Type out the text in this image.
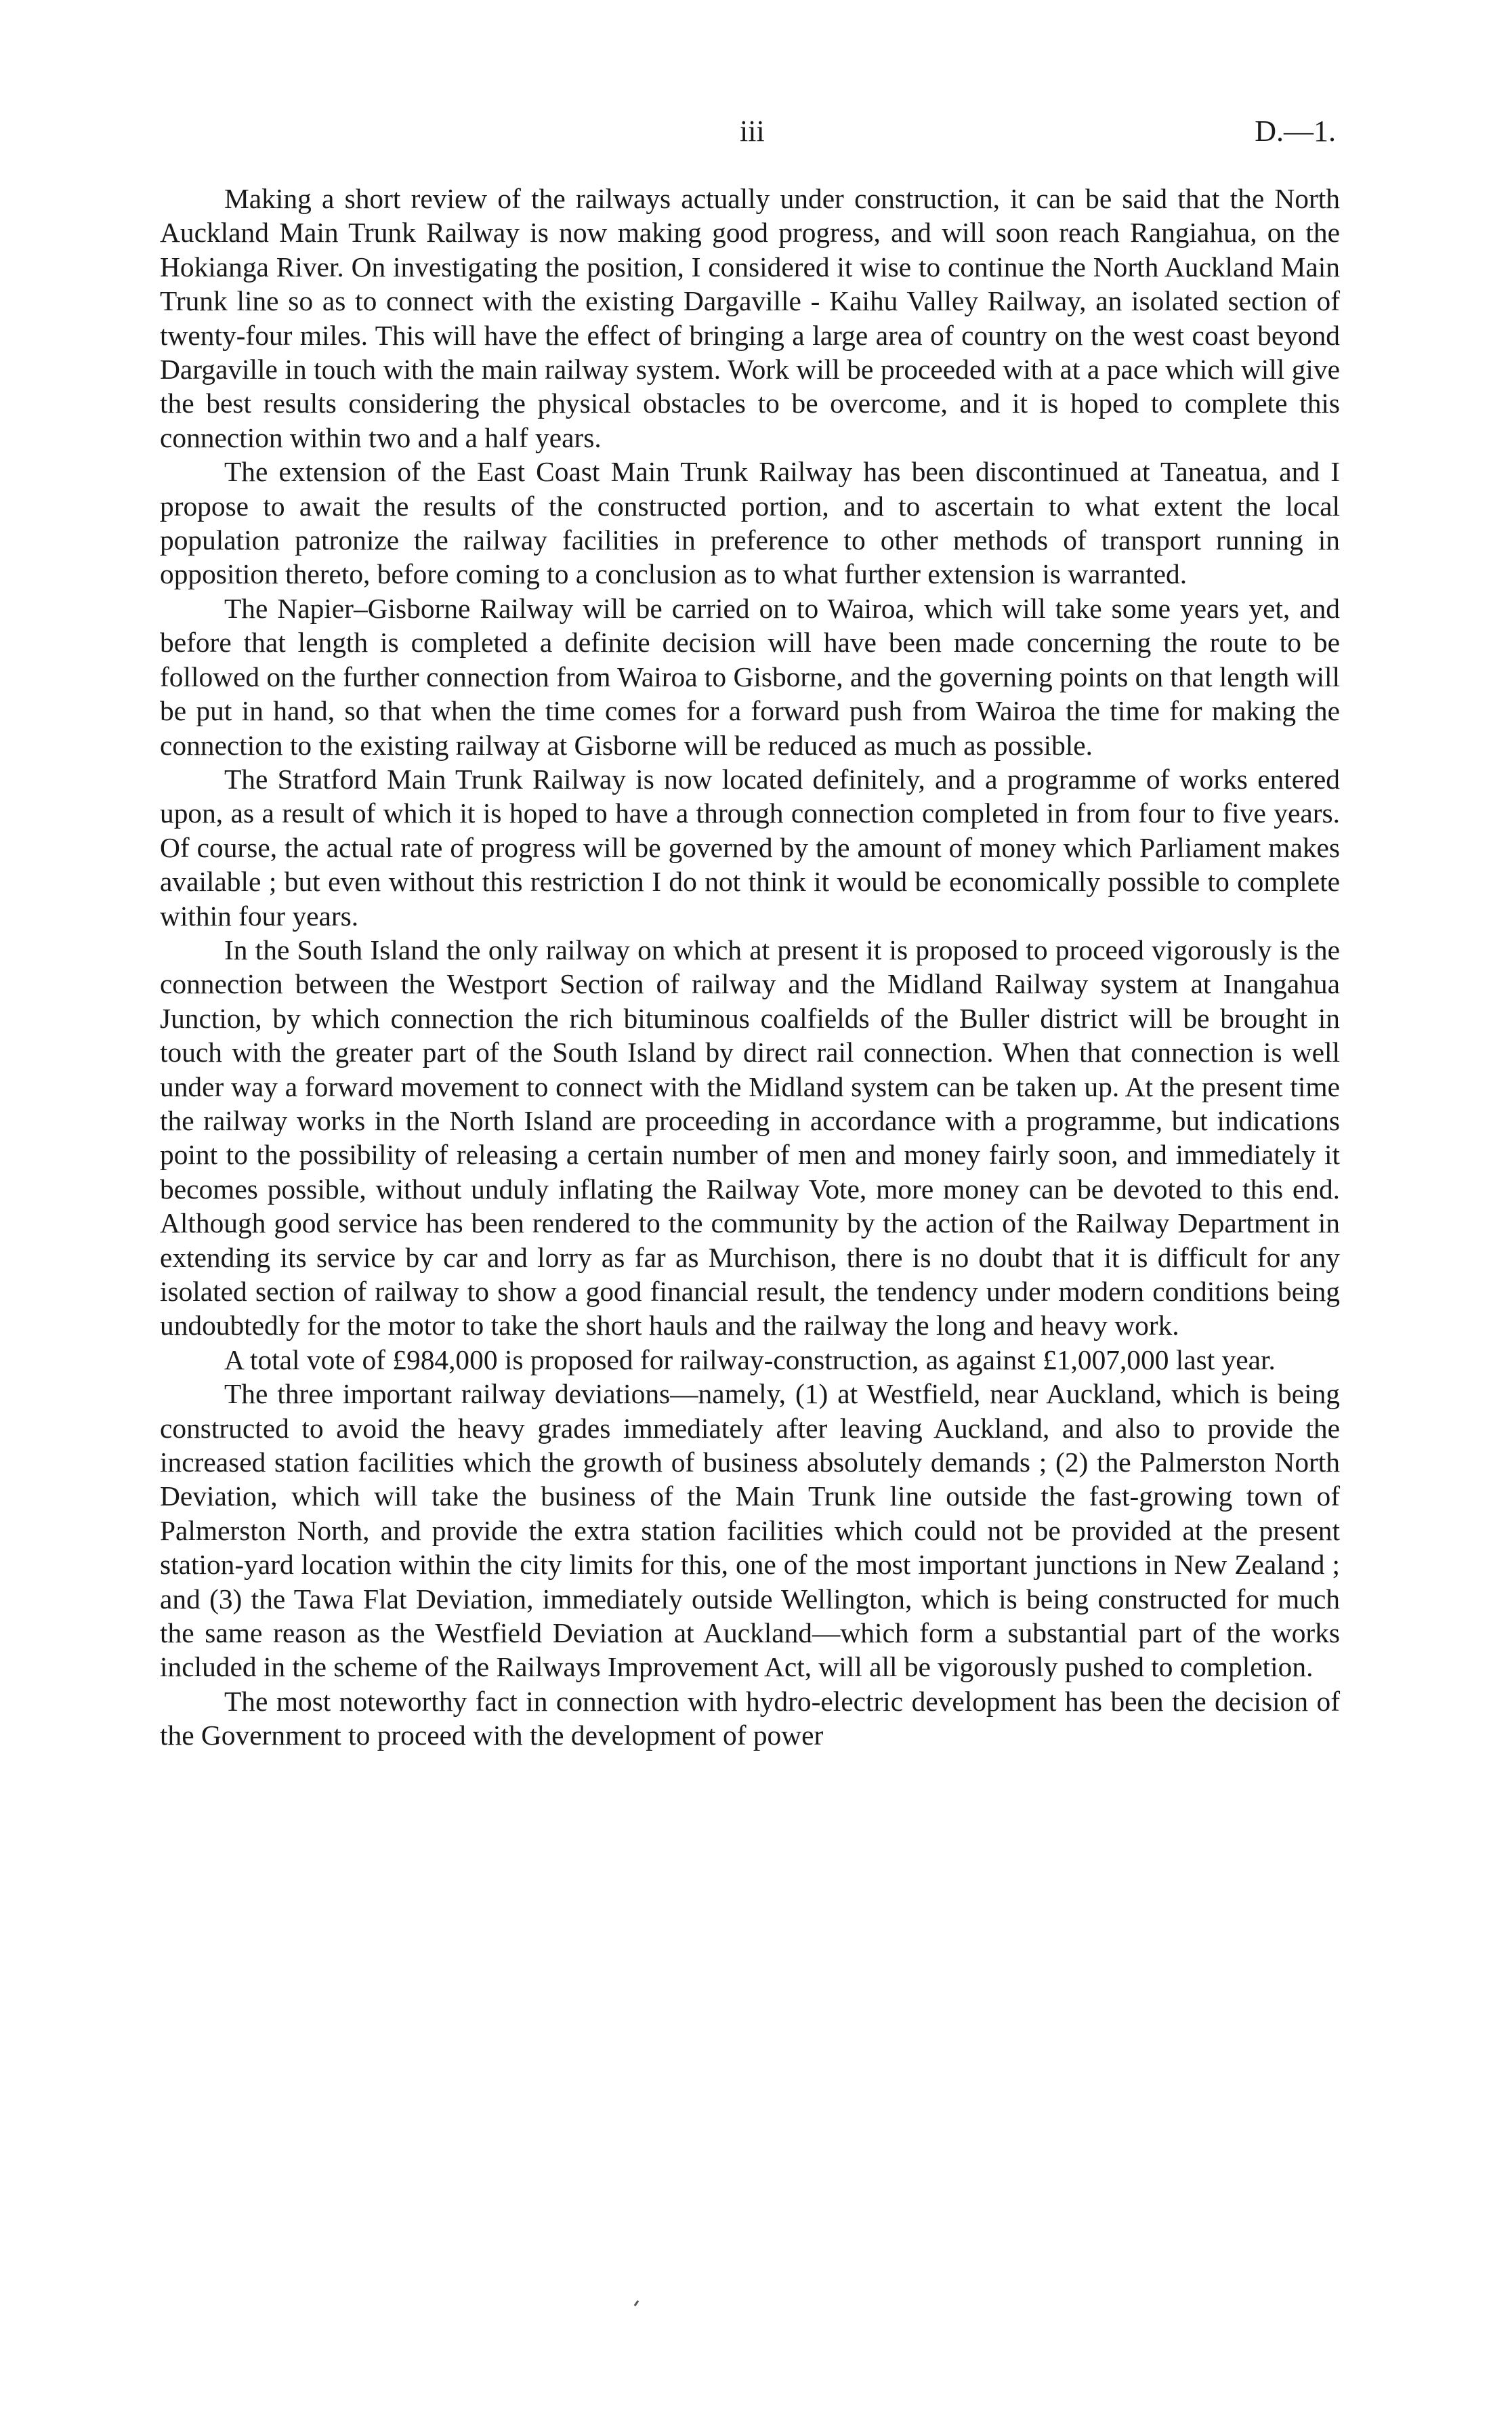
iii	D.—1.

Making a short review of the railways actually under construction, it can be said that the North Auckland Main Trunk Railway is now making good progress, and will soon reach Rangiahua, on the Hokianga River. On investigating the position, I considered it wise to continue the North Auckland Main Trunk line so as to connect with the existing Dargaville - Kaihu Valley Railway, an isolated section of twenty-four miles. This will have the effect of bringing a large area of country on the west coast beyond Dargaville in touch with the main railway system. Work will be proceeded with at a pace which will give the best results considering the physical obstacles to be overcome, and it is hoped to complete this connection within two and a half years.

The extension of the East Coast Main Trunk Railway has been discontinued at Taneatua, and I propose to await the results of the constructed portion, and to ascertain to what extent the local population patronize the railway facilities in preference to other methods of transport running in opposition thereto, before coming to a conclusion as to what further extension is warranted.

The Napier–Gisborne Railway will be carried on to Wairoa, which will take some years yet, and before that length is completed a definite decision will have been made concerning the route to be followed on the further connection from Wairoa to Gisborne, and the governing points on that length will be put in hand, so that when the time comes for a forward push from Wairoa the time for making the connection to the existing railway at Gisborne will be reduced as much as possible.

The Stratford Main Trunk Railway is now located definitely, and a programme of works entered upon, as a result of which it is hoped to have a through connection completed in from four to five years. Of course, the actual rate of progress will be governed by the amount of money which Parliament makes available ; but even without this restriction I do not think it would be economically possible to complete within four years.

In the South Island the only railway on which at present it is proposed to proceed vigorously is the connection between the Westport Section of railway and the Midland Railway system at Inangahua Junction, by which connection the rich bituminous coalfields of the Buller district will be brought in touch with the greater part of the South Island by direct rail connection. When that connection is well under way a forward movement to connect with the Midland system can be taken up. At the present time the railway works in the North Island are proceeding in accordance with a programme, but indications point to the possibility of releasing a certain number of men and money fairly soon, and immediately it becomes possible, without unduly inflating the Railway Vote, more money can be devoted to this end. Although good service has been rendered to the community by the action of the Railway Department in extending its service by car and lorry as far as Murchison, there is no doubt that it is difficult for any isolated section of railway to show a good financial result, the tendency under modern conditions being undoubtedly for the motor to take the short hauls and the railway the long and heavy work.

A total vote of £984,000 is proposed for railway-construction, as against £1,007,000 last year.

The three important railway deviations—namely, (1) at Westfield, near Auckland, which is being constructed to avoid the heavy grades immediately after leaving Auckland, and also to provide the increased station facilities which the growth of business absolutely demands ; (2) the Palmerston North Deviation, which will take the business of the Main Trunk line outside the fast-growing town of Palmerston North, and provide the extra station facilities which could not be provided at the present station-yard location within the city limits for this, one of the most important junctions in New Zealand ; and (3) the Tawa Flat Deviation, immediately outside Wellington, which is being constructed for much the same reason as the Westfield Deviation at Auckland—which form a substantial part of the works included in the scheme of the Railways Improvement Act, will all be vigorously pushed to completion.

The most noteworthy fact in connection with hydro-electric development has been the decision of the Government to proceed with the development of power
